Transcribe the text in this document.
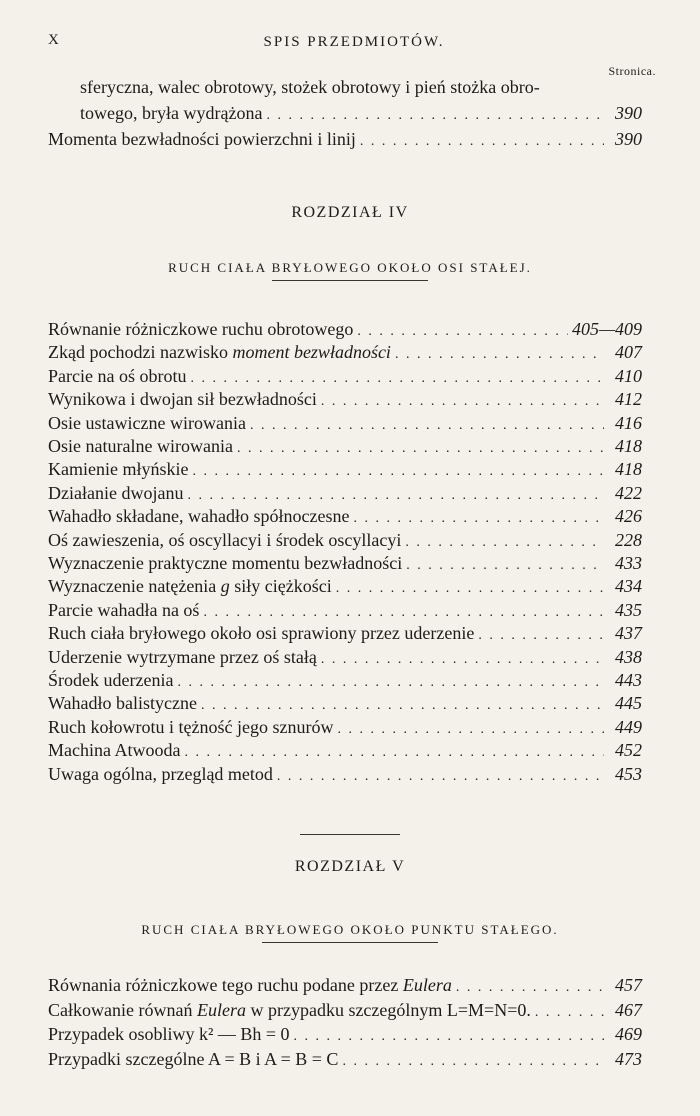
X	SPIS PRZEDMIOTÓW.
Stronica.
sferyczna, walec obrotowy, stożek obrotowy i pień stożka obro-
towego, bryła wydrążona . . .	390
Momenta bezwładności powierzchni i linij . . .	390
ROZDZIAŁ IV
RUCH CIAŁA BRYŁOWEGO OKOŁO OSI STAŁEJ.
Równanie różniczkowe ruchu obrotowego . . .	405—409
Zkąd pochodzi nazwisko moment bezwładności . . .	407
Parcie na oś obrotu . . .	410
Wynikowa i dwojan sił bezwładności . . .	412
Osie ustawiczne wirowania . . .	416
Osie naturalne wirowania . . .	418
Kamienie młyńskie . . .	418
Działanie dwojanu . . .	422
Wahadło składane, wahadło spółnoczesne . . .	426
Oś zawieszenia, oś oscyllacyi i środek oscyllacyi . . .	228
Wyznaczenie praktyczne momentu bezwładności . . .	433
Wyznaczenie natężenia g siły ciężkości . . .	434
Parcie wahadła na oś . . .	435
Ruch ciała bryłowego około osi sprawiony przez uderzenie . . .	437
Uderzenie wytrzymane przez oś stałą . . .	438
Środek uderzenia . . .	443
Wahadło balistyczne . . .	445
Ruch kołowrotu i tężność jego sznurów . . .	449
Machina Atwooda . . .	452
Uwaga ogólna, przegląd metod . . .	453
ROZDZIAŁ V
RUCH CIAŁA BRYŁOWEGO OKOŁO PUNKTU STAŁEGO.
Równania różniczkowe tego ruchu podane przez Eulera . . .	457
Całkowanie równań Eulera w przypadku szczególnym L=M=N=0. . . .	467
Przypadek osobliwy k² — Bh = 0 . . .	469
Przypadki szczególne A = B i A = B = C . . .	473
